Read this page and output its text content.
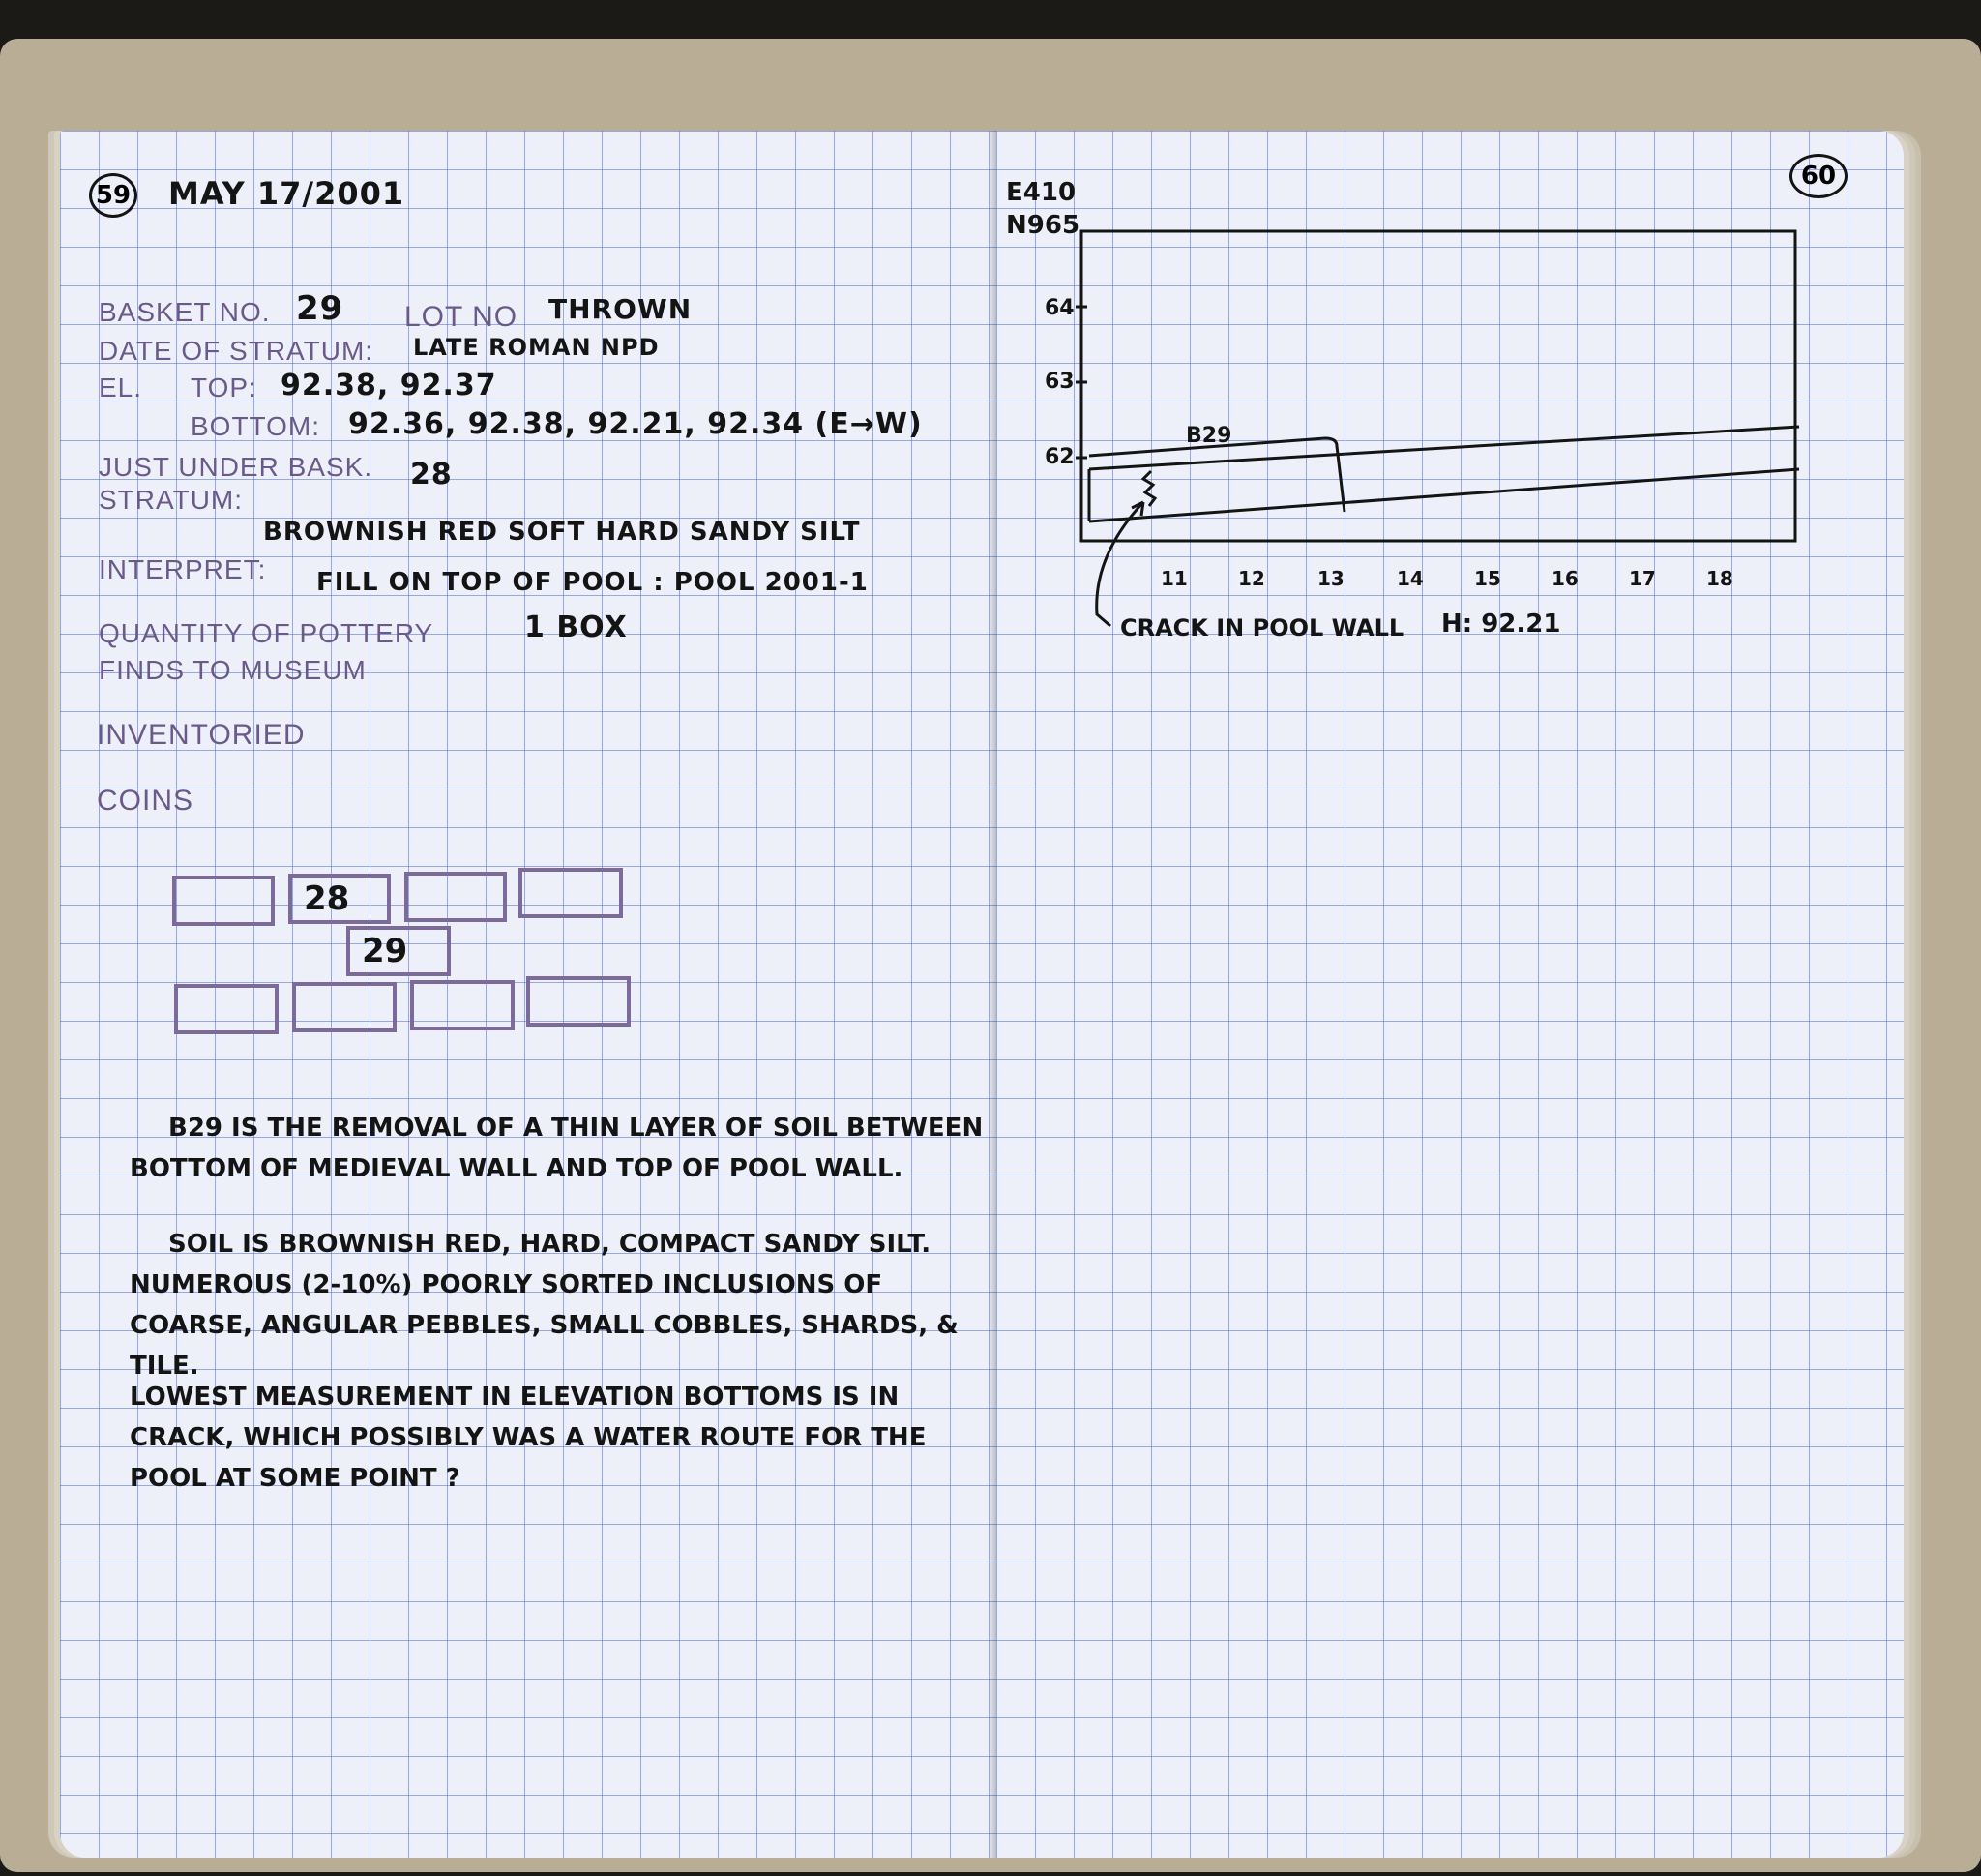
59 MAY 17/2001
BASKET NO. 29 LOT NO THROWN
DATE OF STRATUM: LATE ROMAN NPD
EL. TOP: 92.38, 92.37
BOTTOM: 92.36, 92.38, 92.21, 92.34 (E→W)
JUST UNDER BASK. 28
STRATUM:
BROWNISH RED SOFT HARD SANDY SILT
INTERPRET: FILL ON TOP OF POOL : POOL 2001-1
QUANTITY OF POTTERY	1 BOX
FINDS TO MUSEUM
INVENTORIED
COINS
28
29
B29 IS THE REMOVAL OF A THIN LAYER OF SOIL BETWEEN BOTTOM OF MEDIEVAL WALL AND TOP OF POOL WALL.
SOIL IS BROWNISH RED, HARD, COMPACT SANDY SILT. NUMEROUS (2-10%) POORLY SORTED INCLUSIONS OF COARSE, ANGULAR PEBBLES, SMALL COBBLES, SHARDS, & TILE.
LOWEST MEASUREMENT IN ELEVATION BOTTOMS IS IN CRACK, WHICH POSSIBLY WAS A WATER ROUTE FOR THE POOL AT SOME POINT ?
60
E410
N965
64
63
62
11	12	13	14	15	16	17	18
B29
CRACK IN POOL WALL H: 92.21
